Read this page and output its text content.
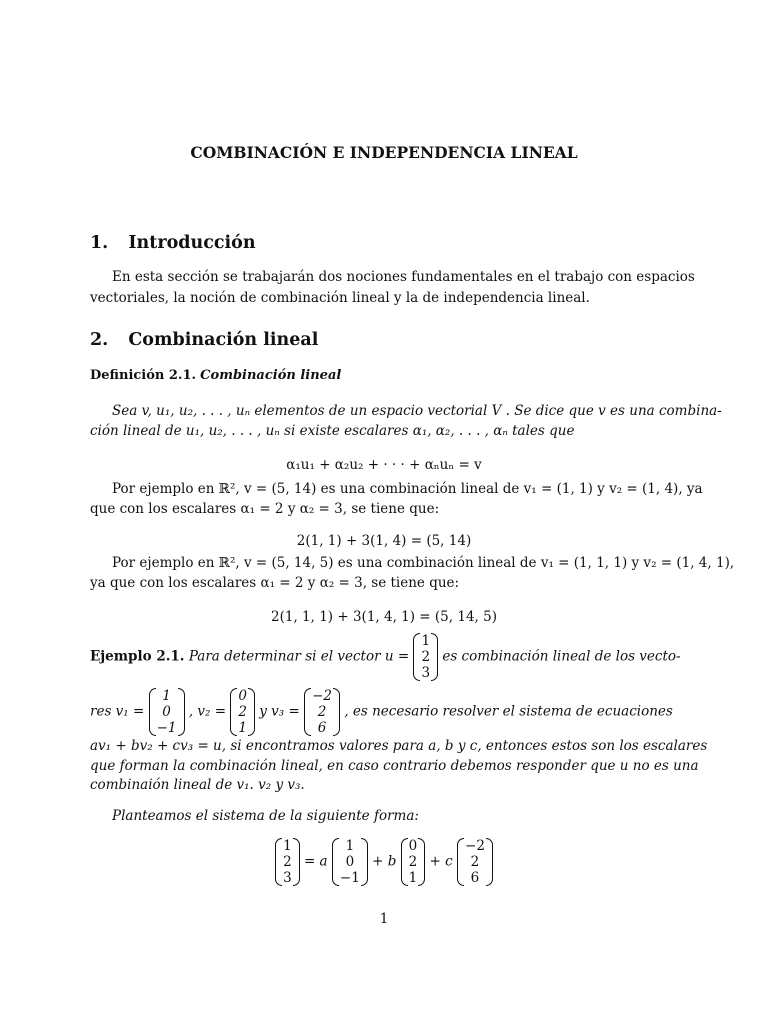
COMBINACIÓN E INDEPENDENCIA LINEAL
1. Introducción
En esta sección se trabajarán dos nociones fundamentales en el trabajo con espacios
vectoriales, la noción de combinación lineal y la de independencia lineal.
2. Combinación lineal
Definición 2.1. Combinación lineal
Sea v, u₁, u₂, . . . , uₙ elementos de un espacio vectorial V . Se dice que v es una combina-
ción lineal de u₁, u₂, . . . , uₙ si existe escalares α₁, α₂, . . . , αₙ tales que
α₁u₁ + α₂u₂ + · · · + αₙuₙ = v
Por ejemplo en ℝ², v = (5, 14) es una combinación lineal de v₁ = (1, 1) y v₂ = (1, 4), ya
que con los escalares α₁ = 2 y α₂ = 3, se tiene que:
2(1, 1) + 3(1, 4) = (5, 14)
Por ejemplo en ℝ², v = (5, 14, 5) es una combinación lineal de v₁ = (1, 1, 1) y v₂ = (1, 4, 1),
ya que con los escalares α₁ = 2 y α₂ = 3, se tiene que:
2(1, 1, 1) + 3(1, 4, 1) = (5, 14, 5)
Ejemplo 2.1. Para determinar si el vector u =
1
2
3
es combinación lineal de los vecto-
res v₁ =
1
0
−1
, v₂ =
0
2
1
y v₃ =
−2
2
6
, es necesario resolver el sistema de ecuaciones
av₁ + bv₂ + cv₃ = u, si encontramos valores para a, b y c, entonces estos son los escalares
que forman la combinación lineal, en caso contrario debemos responder que u no es una
combinaión lineal de v₁. v₂ y v₃.
Planteamos el sistema de la siguiente forma:
1
2
3
= a
1
0
−1
+ b
0
2
1
+ c
−2
2
6
1
